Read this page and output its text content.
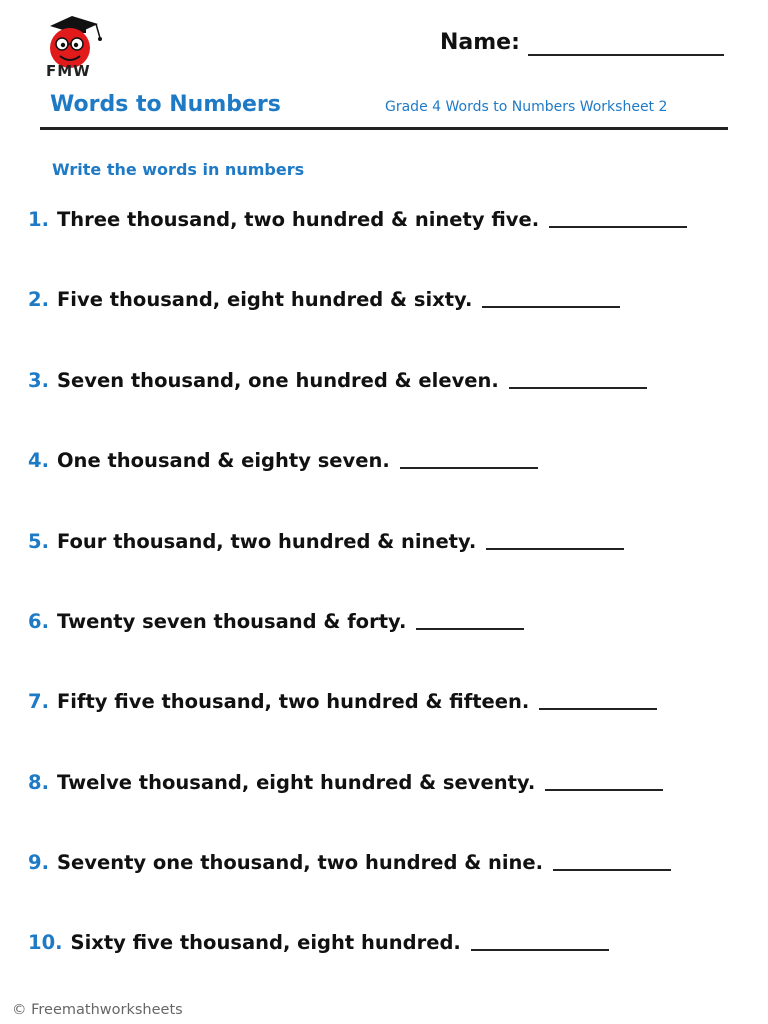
FMW
Name:
Words to Numbers	Grade 4 Words to Numbers Worksheet 2
Write the words in numbers
1. Three thousand, two hundred & ninety five.
2. Five thousand, eight hundred & sixty.
3. Seven thousand, one hundred & eleven.
4. One thousand & eighty seven.
5. Four thousand, two hundred & ninety.
6. Twenty seven thousand & forty.
7. Fifty five thousand, two hundred & fifteen.
8. Twelve thousand, eight hundred & seventy.
9. Seventy one thousand, two hundred & nine.
10. Sixty five thousand, eight hundred.
© Freemathworksheets
